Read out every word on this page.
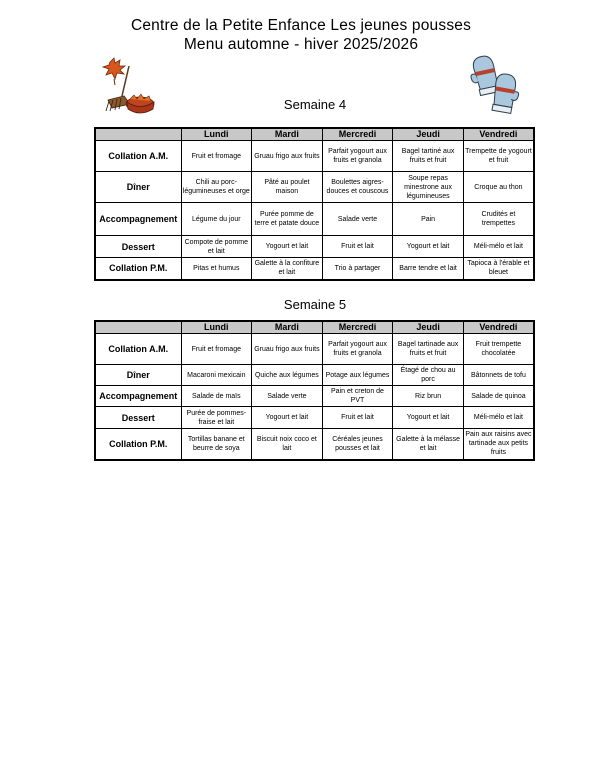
Centre de la Petite Enfance Les jeunes pousses
Menu automne - hiver 2025/2026
Semaine 4
	Lundi	Mardi	Mercredi	Jeudi	Vendredi
Collation A.M.	Fruit et fromage	Gruau frigo aux fruits	Parfait yogourt aux fruits et granola	Bagel tartiné aux fruits et fruit	Trempette de yogourt et fruit
Dîner	Chili au porc-légumineuses et orge	Pâté au poulet maison	Boulettes aigres-douces et couscous	Soupe repas minestrone aux légumineuses	Croque au thon
Accompagnement	Légume du jour	Purée pomme de terre et patate douce	Salade verte	Pain	Crudités et trempettes
Dessert	Compote de pomme et lait	Yogourt et lait	Fruit et lait	Yogourt et lait	Méli-mélo et lait
Collation P.M.	Pitas et humus	Galette à la confiture et lait	Trio à partager	Barre tendre et lait	Tapioca à l'érable et bleuet
Semaine 5
	Lundi	Mardi	Mercredi	Jeudi	Vendredi
Collation A.M.	Fruit et fromage	Gruau frigo aux fruits	Parfait yogourt aux fruits et granola	Bagel tartinade aux fruits et fruit	Fruit trempette chocolatée
Dîner	Macaroni mexicain	Quiche aux légumes	Potage aux légumes	Étagé de chou au porc	Bâtonnets de tofu
Accompagnement	Salade de maïs	Salade verte	Pain et creton de PVT	Riz brun	Salade de quinoa
Dessert	Purée de pommes-fraise et lait	Yogourt et lait	Fruit et lait	Yogourt et lait	Méli-mélo et lait
Collation P.M.	Tortillas banane et beurre de soya	Biscuit noix coco et lait	Céréales jeunes pousses et lait	Galette à la mélasse et lait	Pain aux raisins avec tartinade aux petits fruits
